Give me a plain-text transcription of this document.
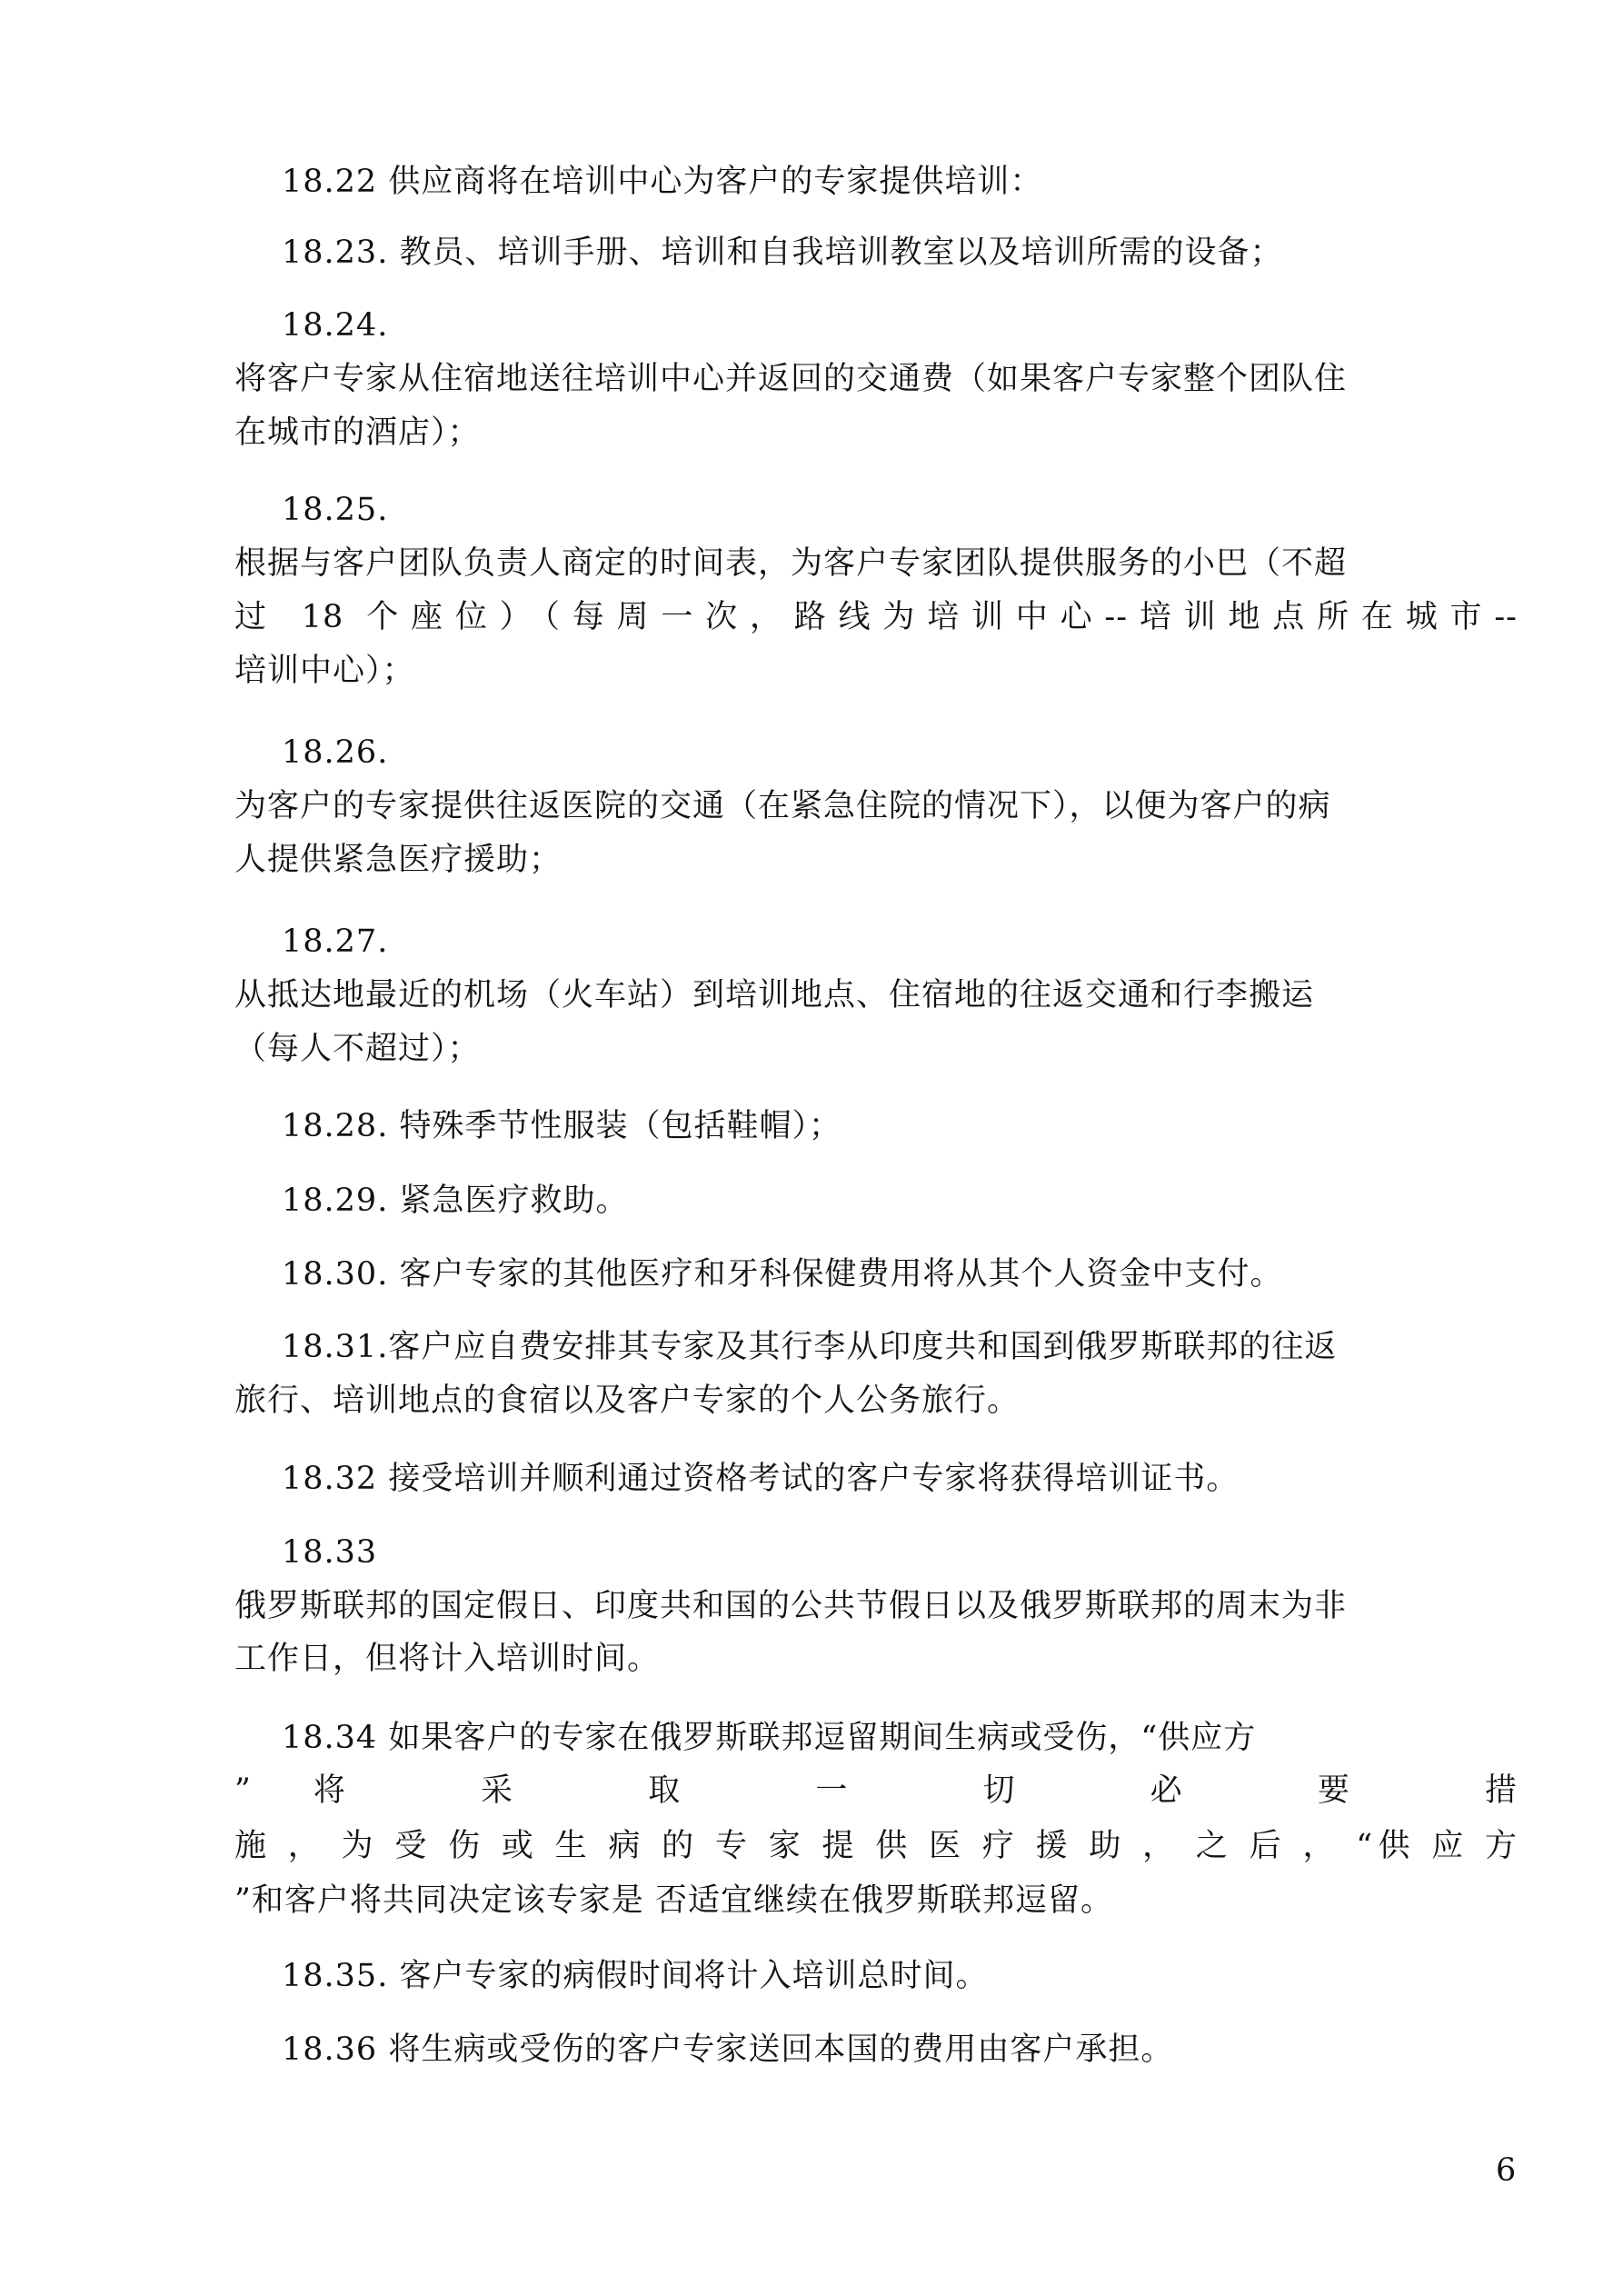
18.22 供应商将在培训中心为客户的专家提供培训：
18.23. 教员、培训手册、培训和自我培训教室以及培训所需的设备；
18.24.
将客户专家从住宿地送往培训中心并返回的交通费（如果客户专家整个团队住
在城市的酒店）；
18.25.
根据与客户团队负责人商定的时间表，为客户专家团队提供服务的小巴（不超
过 18 个座位）（每周一次，路线为培训中心--培训地点所在城市--
培训中心）；
18.26.
为客户的专家提供往返医院的交通（在紧急住院的情况下），以便为客户的病
人提供紧急医疗援助；
18.27.
从抵达地最近的机场（火车站）到培训地点、住宿地的往返交通和行李搬运
（每人不超过）；
18.28. 特殊季节性服装（包括鞋帽）；
18.29. 紧急医疗救助。
18.30. 客户专家的其他医疗和牙科保健费用将从其个人资金中支付。
18.31.客户应自费安排其专家及其行李从印度共和国到俄罗斯联邦的往返
旅行、培训地点的食宿以及客户专家的个人公务旅行。
18.32 接受培训并顺利通过资格考试的客户专家将获得培训证书。
18.33
俄罗斯联邦的国定假日、印度共和国的公共节假日以及俄罗斯联邦的周末为非
工作日，但将计入培训时间。
18.34 如果客户的专家在俄罗斯联邦逗留期间生病或受伤，“供应方
”将 采 取 一 切 必 要 措
施 ， 为 受 伤 或 生 病 的 专 家 提 供 医 疗 援 助 ， 之 后 ， “供 应 方
”和客户将共同决定该专家是 否适宜继续在俄罗斯联邦逗留。
18.35. 客户专家的病假时间将计入培训总时间。
18.36 将生病或受伤的客户专家送回本国的费用由客户承担。
6
